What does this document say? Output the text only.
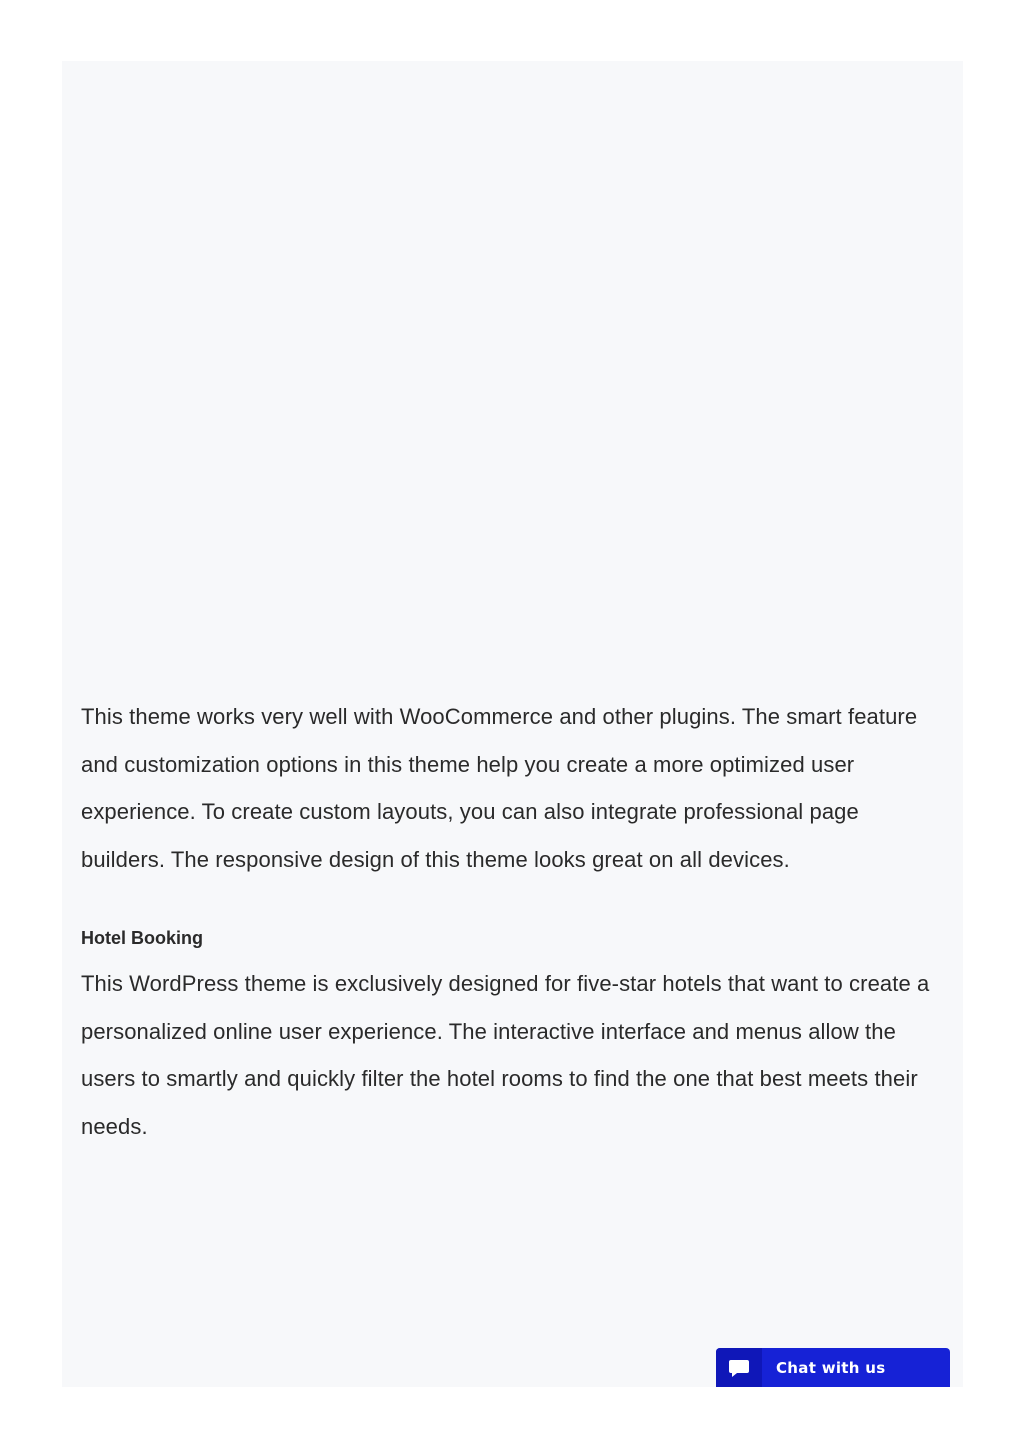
This theme works very well with WooCommerce and other plugins. The smart feature and customization options in this theme help you create a more optimized user experience. To create custom layouts, you can also integrate professional page builders. The responsive design of this theme looks great on all devices.

Hotel Booking

This WordPress theme is exclusively designed for five-star hotels that want to create a personalized online user experience. The interactive interface and menus allow the users to smartly and quickly filter the hotel rooms to find the one that best meets their needs.

Chat with us
